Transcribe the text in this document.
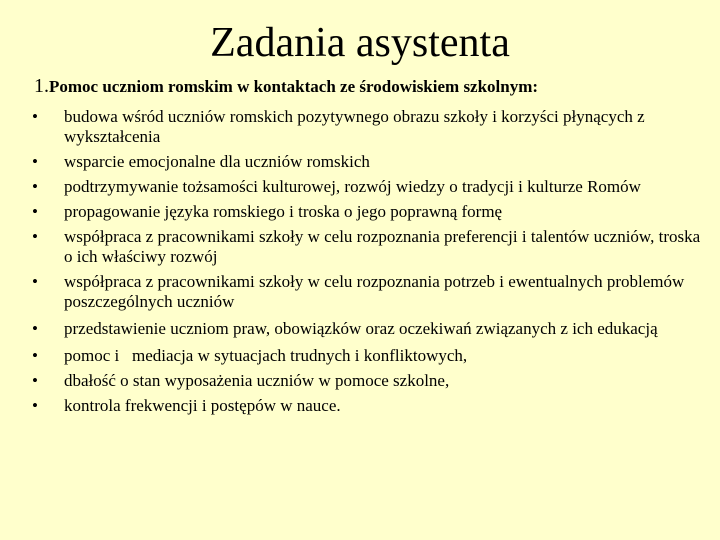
Zadania asystenta

1.Pomoc uczniom romskim w kontaktach ze środowiskiem szkolnym:

•	budowa wśród uczniów romskich pozytywnego obrazu szkoły i korzyści płynących z wykształcenia
•	wsparcie emocjonalne dla uczniów romskich
•	podtrzymywanie tożsamości kulturowej, rozwój wiedzy o tradycji i kulturze Romów
•	propagowanie języka romskiego i troska o jego poprawną formę
•	współpraca z pracownikami szkoły w celu rozpoznania preferencji i talentów uczniów, troska o ich właściwy rozwój
•	współpraca z pracownikami szkoły w celu rozpoznania potrzeb i ewentualnych problemów poszczególnych uczniów
•	przedstawienie uczniom praw, obowiązków oraz oczekiwań związanych z ich edukacją
•	pomoc i   mediacja w sytuacjach trudnych i konfliktowych,
•	dbałość o stan wyposażenia uczniów w pomoce szkolne,
•	kontrola frekwencji i postępów w nauce.
